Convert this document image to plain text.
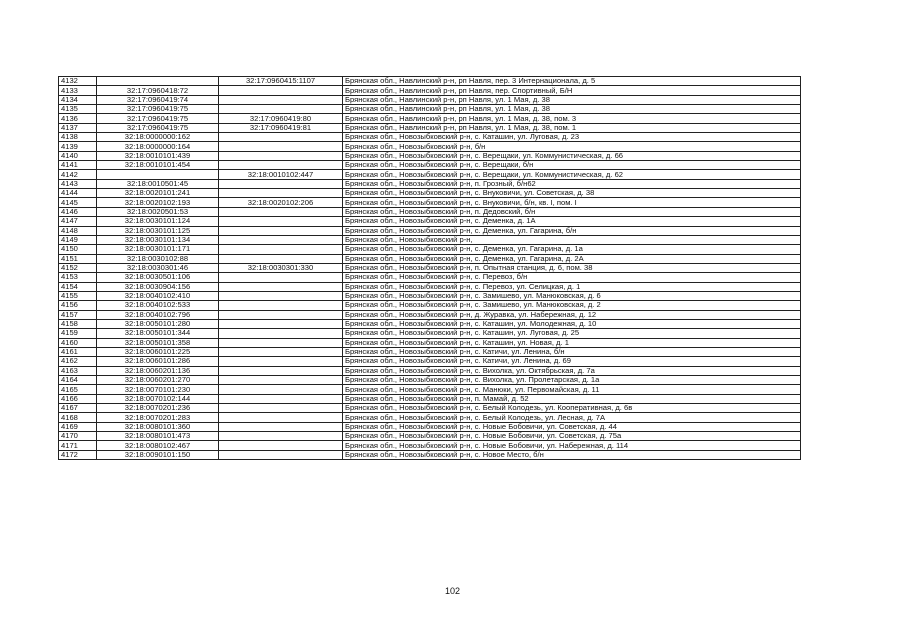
4132		32:17:0960415:1107	Брянская обл., Навлинский р-н, рп Навля, пер. 3 Интернационала, д. 5
4133	32:17:0960418:72		Брянская обл., Навлинский р-н, рп Навля, пер. Спортивный, Б/Н
4134	32:17:0960419:74		Брянская обл., Навлинский р-н, рп Навля, ул. 1 Мая, д. 38
4135	32:17:0960419:75		Брянская обл., Навлинский р-н, рп Навля, ул. 1 Мая, д. 38
4136	32:17:0960419:75	32:17:0960419:80	Брянская обл., Навлинский р-н, рп Навля, ул. 1 Мая, д. 38, пом. 3
4137	32:17:0960419:75	32:17:0960419:81	Брянская обл., Навлинский р-н, рп Навля, ул. 1 Мая, д. 38, пом. 1
4138	32:18:0000000:162		Брянская обл., Новозыбковский р-н, с. Каташин, ул. Луговая, д. 23
4139	32:18:0000000:164		Брянская обл., Новозыбковский р-н, б/н
4140	32:18:0010101:439		Брянская обл., Новозыбковский р-н, с. Верещаки, ул. Коммунистическая, д. 66
4141	32:18:0010101:454		Брянская обл., Новозыбковский р-н, с. Верещаки, б/н
4142		32:18:0010102:447	Брянская обл., Новозыбковский р-н, с. Верещаки, ул. Коммунистическая, д. 62
4143	32:18:0010501:45		Брянская обл., Новозыбковский р-н, п. Грозный, б/н62
4144	32:18:0020101:241		Брянская обл., Новозыбковский р-н, с. Внуковичи, ул. Советская, д. 38
4145	32:18:0020102:193	32:18:0020102:206	Брянская обл., Новозыбковский р-н, с. Внуковичи, б/н, кв. I, пом. I
4146	32:18:0020501:53		Брянская обл., Новозыбковский р-н, п. Дедовский, б/н
4147	32:18:0030101:124		Брянская обл., Новозыбковский р-н, с. Деменка, д. 1А
4148	32:18:0030101:125		Брянская обл., Новозыбковский р-н, с. Деменка, ул. Гагарина, б/н
4149	32:18:0030101:134		Брянская обл., Новозыбковский р-н,
4150	32:18:0030101:171		Брянская обл., Новозыбковский р-н, с. Деменка, ул. Гагарина, д. 1а
4151	32:18:0030102:88		Брянская обл., Новозыбковский р-н, с. Деменка, ул. Гагарина, д. 2А
4152	32:18:0030301:46	32:18:0030301:330	Брянская обл., Новозыбковский р-н, п. Опытная станция, д. 6, пом. 38
4153	32:18:0030501:106		Брянская обл., Новозыбковский р-н, с. Перевоз, б/н
4154	32:18:0030904:156		Брянская обл., Новозыбковский р-н, с. Перевоз, ул. Селицкая, д. 1
4155	32:18:0040102:410		Брянская обл., Новозыбковский р-н, с. Замишево, ул. Манюковская, д. 6
4156	32:18:0040102:533		Брянская обл., Новозыбковский р-н, с. Замишево, ул. Манюковская, д. 2
4157	32:18:0040102:796		Брянская обл., Новозыбковский р-н, д. Журавка, ул. Набережная, д. 12
4158	32:18:0050101:280		Брянская обл., Новозыбковский р-н, с. Каташин, ул. Молодежная, д. 10
4159	32:18:0050101:344		Брянская обл., Новозыбковский р-н, с. Каташин, ул. Луговая, д. 25
4160	32:18:0050101:358		Брянская обл., Новозыбковский р-н, с. Каташин, ул. Новая, д. 1
4161	32:18:0060101:225		Брянская обл., Новозыбковский р-н, с. Катичи, ул. Ленина, б/н
4162	32:18:0060101:286		Брянская обл., Новозыбковский р-н, с. Катичи, ул. Ленина, д. 69
4163	32:18:0060201:136		Брянская обл., Новозыбковский р-н, с. Вихолка, ул. Октябрьская, д. 7а
4164	32:18:0060201:270		Брянская обл., Новозыбковский р-н, с. Вихолка, ул. Пролетарская, д. 1а
4165	32:18:0070101:230		Брянская обл., Новозыбковский р-н, с. Манюки, ул. Первомайская, д. 11
4166	32:18:0070102:144		Брянская обл., Новозыбковский р-н, п. Мамай, д. 52
4167	32:18:0070201:236		Брянская обл., Новозыбковский р-н, с. Белый Колодезь, ул. Кооперативная, д. 6в
4168	32:18:0070201:283		Брянская обл., Новозыбковский р-н, с. Белый Колодезь, ул. Лесная, д. 7А
4169	32:18:0080101:360		Брянская обл., Новозыбковский р-н, с. Новые Бобовичи, ул. Советская, д. 44
4170	32:18:0080101:473		Брянская обл., Новозыбковский р-н, с. Новые Бобовичи, ул. Советская, д. 75а
4171	32:18:0080102:467		Брянская обл., Новозыбковский р-н, с. Новые Бобовичи, ул. Набережная, д. 114
4172	32:18:0090101:150		Брянская обл., Новозыбковский р-н, с. Новое Место, б/н
102
